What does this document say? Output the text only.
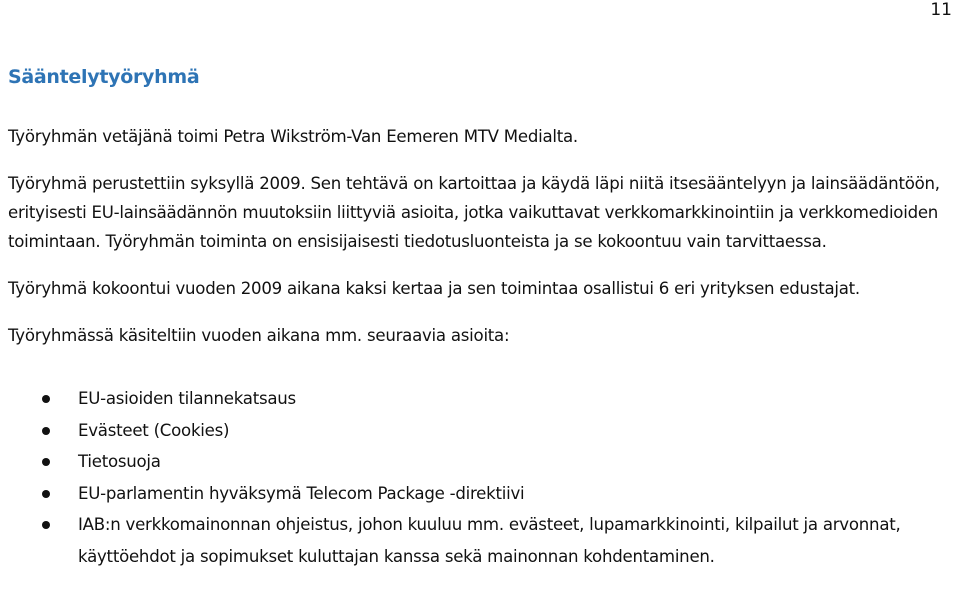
11
Sääntelytyöryhmä

Työryhmän vetäjänä toimi Petra Wikström-Van Eemeren MTV Medialta.

Työryhmä perustettiin syksyllä 2009. Sen tehtävä on kartoittaa ja käydä läpi niitä itsesääntelyyn ja lainsäädäntöön, erityisesti EU-lainsäädännön muutoksiin liittyviä asioita, jotka vaikuttavat verkkomarkkinointiin ja verkkomedioiden toimintaan. Työryhmän toiminta on ensisijaisesti tiedotusluonteista ja se kokoontuu vain tarvittaessa.

Työryhmä kokoontui vuoden 2009 aikana kaksi kertaa ja sen toimintaa osallistui 6 eri yrityksen edustajat.

Työryhmässä käsiteltiin vuoden aikana mm. seuraavia asioita:

EU-asioiden tilannekatsaus
Evästeet (Cookies)
Tietosuoja
EU-parlamentin hyväksymä Telecom Package -direktiivi
IAB:n verkkomainonnan ohjeistus, johon kuuluu mm. evästeet, lupamarkkinointi, kilpailut ja arvonnat, käyttöehdot ja sopimukset kuluttajan kanssa sekä mainonnan kohdentaminen.
